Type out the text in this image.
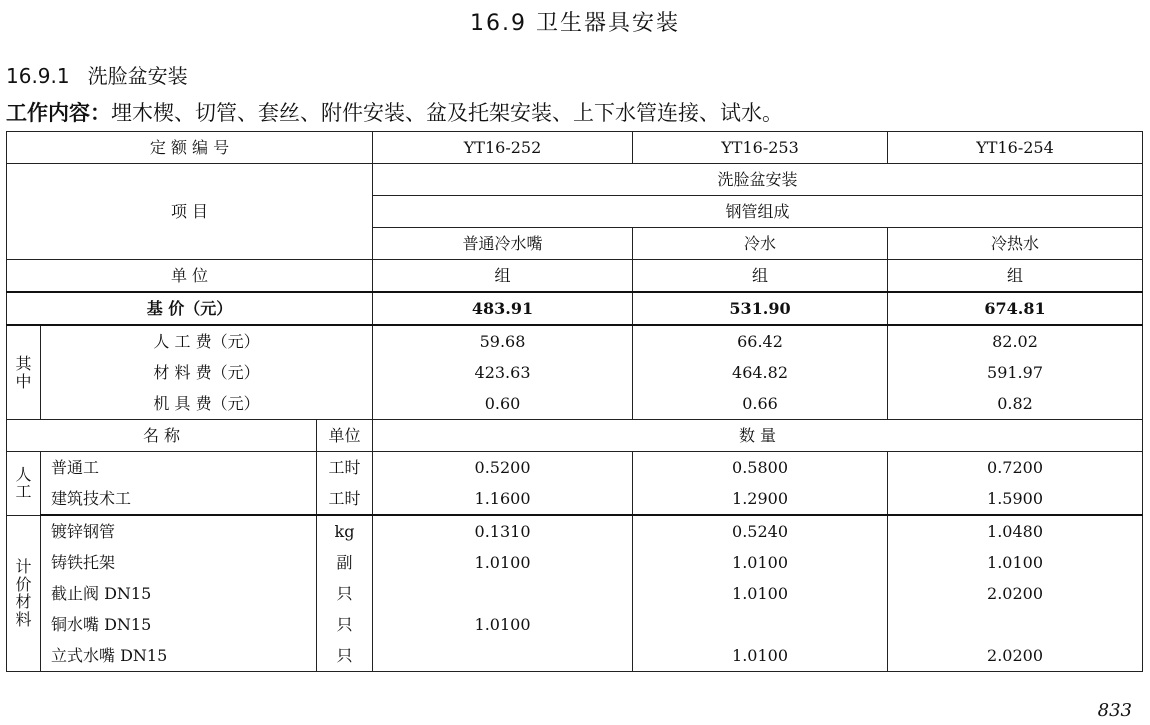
16.9 卫生器具安装
16.9.1 洗脸盆安装
工作内容：埋木楔、切管、套丝、附件安装、盆及托架安装、上下水管连接、试水。
定 额 编 号			YT16-252	YT16-253	YT16-254
项 目			洗脸盆安装		
			钢管组成		
			普通冷水嘴	冷水	冷热水
单 位			组	组	组
基 价（元）			483.91	531.90	674.81
其中	人 工 费（元）		59.68	66.42	82.02
	材 料 费（元）		423.63	464.82	591.97
	机 具 费（元）		0.60	0.66	0.82
名 称		单位	数 量		
人工	普通工	工时	0.5200	0.5800	0.7200
	建筑技术工	工时	1.1600	1.2900	1.5900
计价材料	镀锌钢管	kg	0.1310	0.5240	1.0480
	铸铁托架	副	1.0100	1.0100	1.0100
	截止阀 DN15	只		1.0100	2.0200
	铜水嘴 DN15	只	1.0100		
	立式水嘴 DN15	只		1.0100	2.0200
833
